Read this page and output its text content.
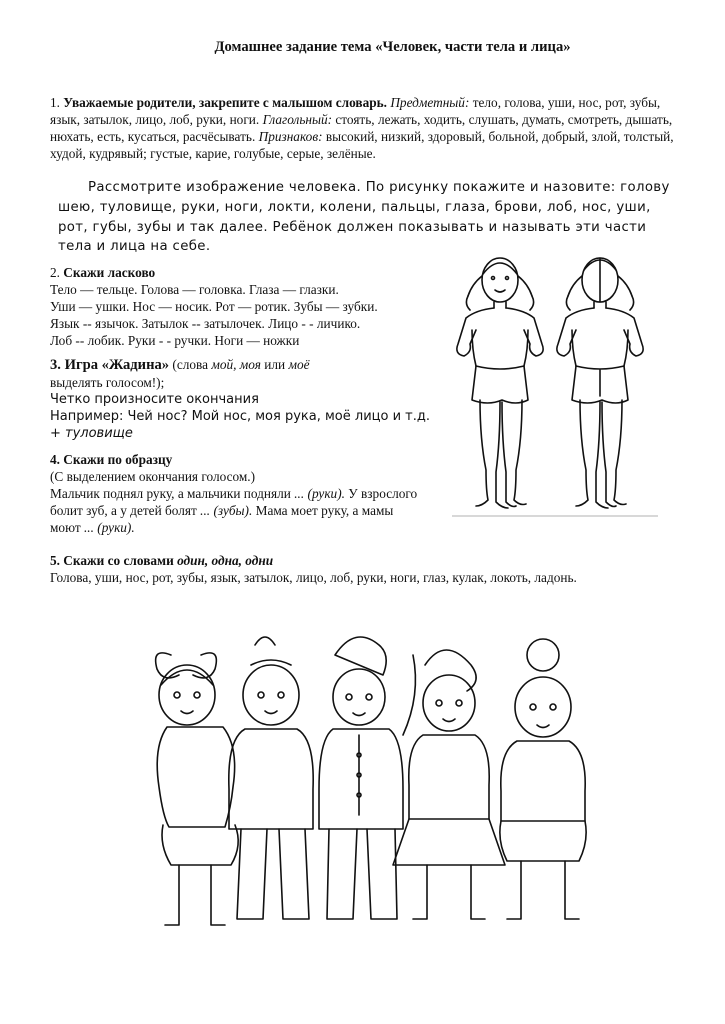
Домашнее задание тема «Человек, части тела и лица»
1. Уважаемые родители, закрепите с малышом словарь. Предметный: тело, голова, уши, нос, рот, зубы, язык, затылок, лицо, лоб, руки, ноги. Глагольный: стоять, лежать, ходить, слушать, думать, смотреть, дышать, нюхать, есть, кусаться, расчёсывать. Признаков: высокий, низкий, здоровый, больной, добрый, злой, толстый, худой, кудрявый; густые, карие, голубые, серые, зелёные.
Рассмотрите изображение человека. По рисунку покажите и назовите: голову шею, туловище, руки, ноги, локти, колени, пальцы, глаза, брови, лоб, нос, уши, рот, губы, зубы и так далее. Ребёнок должен показывать и называть эти части тела и лица на себе.
2. Скажи ласково
Тело — тельце. Голова — головка. Глаза — глазки.
Уши — ушки. Нос — носик. Рот — ротик. Зубы — зубки.
Язык -- язычок. Затылок -- затылочек. Лицо - - личико.
Лоб -- лобик. Руки - - ручки. Ноги — ножки
3. Игра «Жадина» (слова мой, моя или моё
выделять голосом!);
Четко произносите окончания
Например: Чей нос? Мой нос, моя рука, моё лицо и т.д. + туловище
4. Скажи по образцу
(С выделением окончания голосом.)
Мальчик поднял руку, а мальчики подняли ... (руки). У взрослого болит зуб, а у детей болят ... (зубы). Мама моет руку, а мамы моют ... (руки).
5. Скажи со словами один, одна, одни
Голова, уши, нос, рот, зубы, язык, затылок, лицо, лоб, руки, ноги, глаз, кулак, локоть, ладонь.
